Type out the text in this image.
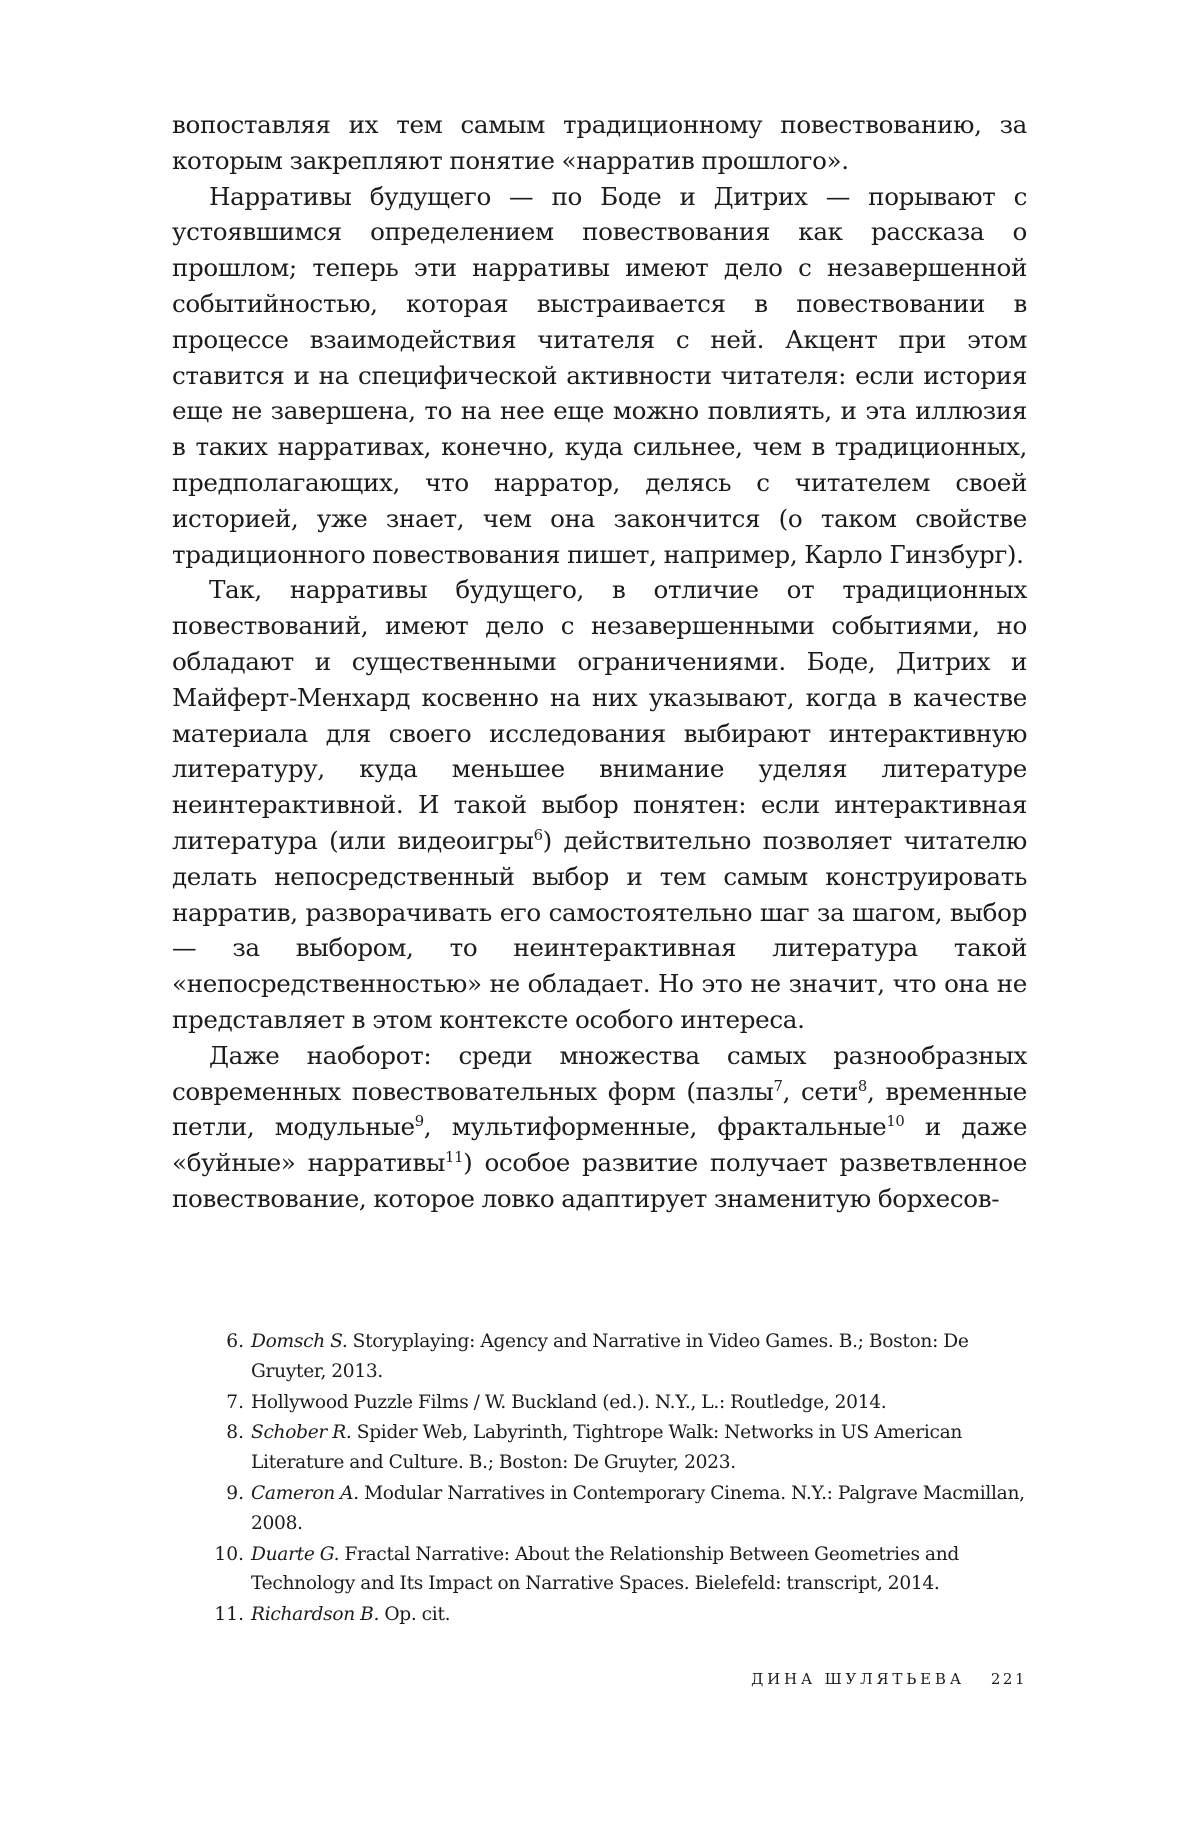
вопоставляя их тем самым традиционному повествованию, за которым закрепляют понятие «нарратив прошлого».

Нарративы будущего — по Боде и Дитрих — порывают с устоявшимся определением повествования как рассказа о прошлом; теперь эти нарративы имеют дело с незавершенной событийностью, которая выстраивается в повествовании в процессе взаимодействия читателя с ней. Акцент при этом ставится и на специфической активности читателя: если история еще не завершена, то на нее еще можно повлиять, и эта иллюзия в таких нарративах, конечно, куда сильнее, чем в традиционных, предполагающих, что нарратор, делясь с читателем своей историей, уже знает, чем она закончится (о таком свойстве традиционного повествования пишет, например, Карло Гинзбург).

Так, нарративы будущего, в отличие от традиционных повествований, имеют дело с незавершенными событиями, но обладают и существенными ограничениями. Боде, Дитрих и Майферт-Менхард косвенно на них указывают, когда в качестве материала для своего исследования выбирают интерактивную литературу, куда меньшее внимание уделяя литературе неинтерактивной. И такой выбор понятен: если интерактивная литература (или видеоигры$^6$) действительно позволяет читателю делать непосредственный выбор и тем самым конструировать нарратив, разворачивать его самостоятельно шаг за шагом, выбор — за выбором, то неинтерактивная литература такой «непосредственностью» не обладает. Но это не значит, что она не представляет в этом контексте особого интереса.

Даже наоборот: среди множества самых разнообразных современных повествовательных форм (пазлы$^7$, сети$^8$, временные петли, модульные$^9$, мультиформенные, фрактальные$^{10}$ и даже «буйные» нарративы$^{11}$) особое развитие получает разветвленное повествование, которое ловко адаптирует знаменитую борхесов-

6. Domsch S. Storyplaying: Agency and Narrative in Video Games. B.; Boston: De Gruyter, 2013.
7. Hollywood Puzzle Films / W. Buckland (ed.). N.Y., L.: Routledge, 2014.
8. Schober R. Spider Web, Labyrinth, Tightrope Walk: Networks in US American Literature and Culture. B.; Boston: De Gruyter, 2023.
9. Cameron A. Modular Narratives in Contemporary Cinema. N.Y.: Palgrave Macmillan, 2008.
10. Duarte G. Fractal Narrative: About the Relationship Between Geometries and Technology and Its Impact on Narrative Spaces. Bielefeld: transcript, 2014.
11. Richardson B. Op. cit.
ДИНА ШУЛЯТЬЕВА 221
